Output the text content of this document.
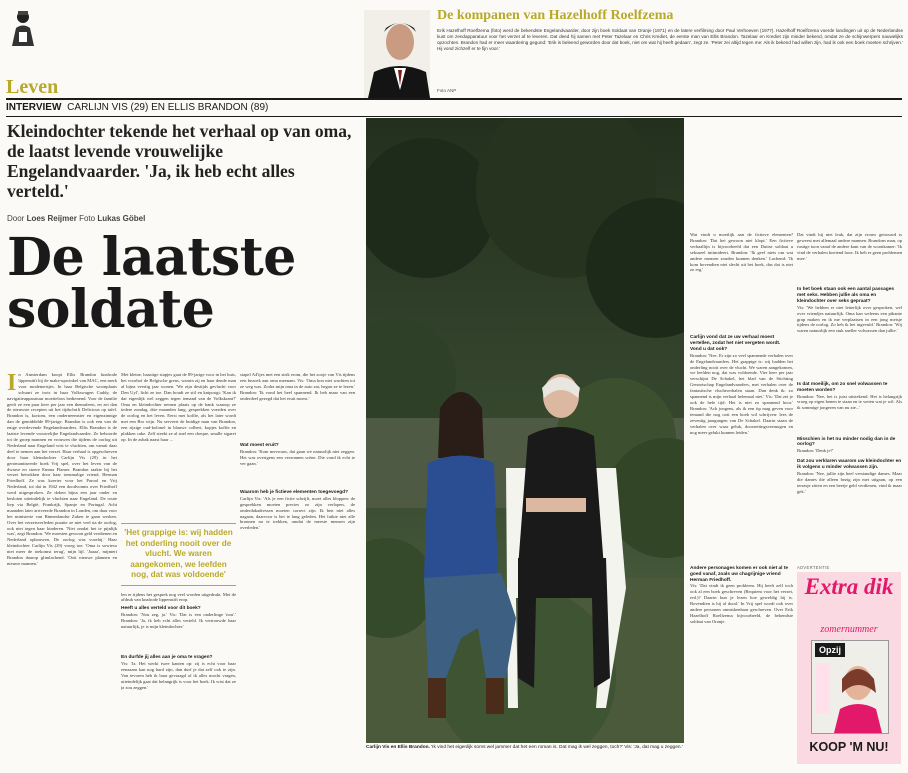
Leven
De kompanen van Hazelhoff Roelfzema
Erik Hazelhoff Roelfzema (foto) werd de bekendste Engelandvaarder, door zijn boek Soldaat van Oranje (1971) en de latere verfilming door Paul Verhoeven (1977). Hazelhoff Roelfzema voerde landingen uit op de Nederlandse kust om zendapparatuur voor het verzet af te leveren. Dat deed hij samen met Peter Tazelaar en Chris Krediet, de eerste man van Ellis Brandon. Tazelaar en Krediet zijn minder bekend, omdat ze de schijnwerpers nauwelijks opzochten. Brandon had er meer waardering gegund: 'Erik is beleend geworden door dat boek, niet om wat hij heeft gedaan', zegt ze. 'Peter zei altijd tegen me: Als ik bekend had willen zijn, had ik ook een boek moeten schrijven.' Hij vond zichzelf er te fijn voor.'
Foto ANP
INTERVIEW CARLIJN VIS (29) EN ELLIS BRANDON (89)
Kleindochter tekende het verhaal op van oma, de laatst levende vrouwelijke Engelandvaarder. 'Ja, ik heb echt alles verteld.'
Door Loes Reijmer Foto Lukas Göbel
De laatste soldate
Carlijn Vis en Ellis Brandon. 'Ik vind het eigenlijk soms wel jammer dat het een roman is. Dat mag ik wel zeggen, toch?' Vis: 'Ja, dat mag u zeggen.'
I n Amsterdam koopt Ellis Brandon knalrode lippenstift bij de make-upwinkel van MAC, een merk voor modemeisjes. In haar Belgische woonplaats schuurt ze trots in haar Volkswagen Caddy, de navigatieapparatuur moeiteloos bedienend. Voor de familie geeft ze een paar keer per jaar een themafeest, en zet dan de nieuwste recepten uit het tijdschrift Delicious op tafel. Brandon is, kortom, een onderneemster en eigenzinnige dan de gemiddelde 89-jarige. Brandon is ook een van de enige overlevende Engelandvaarders. Ellis Brandon is de laatste levende vrouwelijke Engelandvaarder. Ze behoorde tot de groep mannen en vrouwen die tijdens de oorlog uit Nederland naar Engeland wist te vluchten, om vanuit daar deel te nemen aan het verzet. Haar verhaal is opgeschreven door haar kleindochter Carlijn Vis (29) in het geromantiseerde boek Vrij spel, over het leven van de dwarse en stoere Emma Flamer. Brandon raakte bij het verzet betrokken door haar toenmalige vriend, Herman Friedhoff. Ze was koerier voor het Parool en Vrij Nederland, tot dat in 1942 een doodvonnis over Friedhoff werd uitgesproken. Ze doken bijna een jaar onder en besloten uiteindelijk te vluchten naar Engeland. De route liep via België, Frankrijk, Spanje en Portugal. Acht maanden later arriveerde Brandon in Londen, om daar voor het ministerie van Binnenlandse Zaken te gaan werken. Over het verzetsverleden praatte ze niet veel na de oorlog, ook niet tegen haar kinderen. 'Niet omdat het te pijnlijk was', zegt Brandon. 'We moesten gewoon geld verdienen en Nederland opbouwen. De oorlog was voorbij.' Haar kleindochter Carlijn Vis (29) vroeg toe: 'Oma is sowieso niet meer de toekomst terug', mijn lijf. 'Jaaaa', mijmert Brandon daarop glimlachend. 'Ooit nieuwe plannen en nieuwe mannen.'
Met kleine, haastige stapjes gaat de 89-jarige voor in het huis, het voorhof de Belgische grens, waarin zij en haar dende man al bijna veertig jaar wonen. 'We zijn destijds gevlucht voor Den Uyl', licht ze toe. Dan houdt ze stil en knipoogt: 'Kan ik dat eigenlijk wel zeggen tegen iemand van de Volkskrant?' Oma en kleindochter nemen plaats op de bank waarop ze iedere zondag, drie maanden lang, gesprekken voerden over de oorlog en het leven. Eerst met koffie, als het later wordt met een Bro wijn. Nu serveert de buidige man van Brandon, een rijzige oud-kolonel in blauwe colbert, kopjes koffie en plakken cake. Zelf steekt ze al snel een cheque, smalle sigaret op. In de asbak naast haar ...
'Het grappige is: wij hadden het onderling nooit over de vlucht. We waren aangekomen, we leefden nog, dat was voldoende'
len er tijdens het gesprek nog veel worden uitgedrukt. Met de afdruk van knalrode lippenstift erop.
Heeft u alles verteld voor dit boek?
Brandon: 'Nou zeg, ja.' Vis: 'Dat is een onderlinge 'nou'.' Brandon: 'Ja, ik heb echt alles verteld. Ik vertrouwde haar natuurlijk, je is mijn kleindochter.'
En durfde jij alles aan je oma te vragen?
Vis: 'Ja. Het werkt twee kanten op: zij is echt voor haar eenzaam kan nog hard zijn, dan durf je dat zelf ook te zijn. Van tevoren heb ik haar gevraagd of ik alles mocht vragen, uiteindelijk gaat dat belangrijk is voor het boek. Ik wist dat ze ja zou zeggen.'
stapel A4'tjes met een strik erom, die het zooje van Vis tijdens een bezoek aan oma meenam. Vis: 'Oma kon niet wachten tot ze weg was. Zodra mijn oma in de auto zat, begon ze te lezen.' Brandon: 'Ik vond het heel spannend. Ik heb maar van een onderdeel gezegd dat het eruit moest.'
Wat moest eruit?
Brandon: 'Kom mevrouw, dat gaan we natuurlijk niet zeggen. Het was overigens een verzonnen scène. Die vond ik echt te ver gaan.'
Waarom heb je fictieve elementen toegevoegd?
Carlijn Vis: 'Als je een fictie schrijft, moet alles kloppen: de gesprekken moeten precies zo zijn verlopen, de onderdakadressen moeten correct zijn. Ik ben niet alles nagaan, daarvoor is het te lang geleden. Het luikte niet alle bronnen na te trekken, omdat de meeste mensen zijn overleden.'
Wat vindt u moeilijk aan de fictieve elementen? Brandon: 'Dat het gewoon niet klopt.' Een fictieve verhaallijn is bijvoorbeeld dat een Duitse soldaat u seksueel intimideert. Brandon: 'Ik geef niets om wat andere mensen zouden kunnen denken.' Lachend: 'Ik kom bovendien niet slecht uit het boek, dus dat is niet zo erg.'
Carlijn vond dat ze uw verhaal moest vertellen, zodat het niet vergeten wordt. Vond u dat ook?
Brandon: 'Nee. Er zijn zo veel spannende verhalen over de Engelandvaarders. Het grappige is: wij hadden het onderling nooit over de vlucht. We waren aangekomen, we leefden nog, dat was voldoende. Vier keer per jaar verschijnt De Schakel, het blad van de Stichting Genootschap Engelandvaarders, met verhalen over de fantastische vluchtverhalen staan. Dan denk ik: zo spannend is mijn verhaal helemaal niet.' Vis: 'Dat zei je ook de hele tijd: Het is niet zo spannend hoor.' Brandon: 'Ach jongens, als ik een tip mag geven voor iemand die nog ooit een boek wil schrijven: lees de zeventig jaargangen van De Schakel. Daarin staan de verhalen over waar geluk, doorzettingsvermogen en nog meer gelukt kunnen leiden.'
Andere personages komen er ook niet al te goed vanaf, zoals uw chagrijnige vriend Herman Friedhoff.
Vis: 'Dat vindt ik geen probleem. Hij heeft zelf toch ook al een boek geschreven (Requiem voor het verzet, red.)? Daarin kun je lezen hoe geweldig hij is. Bovendien is hij al dood.' In Vrij spel wordt ook over andere personen onmiskenbaar geschreven. Over Erik Hazelhoff Roelfzema bijvoorbeeld, de bekendste soldaat van Oranje.
Dat vindt hij niet leuk, dat zijn vrouw getrouwd is geweest met allemaal andere mannen. Brandons man, op rustige toon vanaf de andere kant van de woonkamer: 'Ik vind de verhalen boeiend hoor. Ik heb er geen problemen mee.'
In het boek staan ook een aantal passages met seks. Hebben jullie als oma en kleindochter over seks gepraat?
Vis: 'We hebben er niet letterlijk over gesproken, wel over vriendjes natuurlijk. Oma kan weleens een pikante grap maken en ik me verplaatsen in een jong meisje tijdens de oorlog. Zo heb ik het ingevuld.' Brandon: 'Wij waren natuurlijk een stuk sneller volwassen dan jullie.'
Is dat moeilijk, om zo snel volwassen te moeten worden?
Brandon: 'Nee, het is juist uitstekend. Het is belangrijk vroeg op eigen benen te staan en te weten wat je wil. Als ik sommige jongeren van nu zie...'
Misschien is het nu minder nodig dan in de oorlog?
Brandon: 'Denk je?'
Dat zou verklaren waarom uw kleindochter en ik volgens u minder volwassen zijn.
Brandon: 'Nee, jullie zijn heel verstandige dames. Maar die dames die alleen bezig zijn met uitgaan, op een terrasje zitten en een beetje geld verdienen, vind ik maar gek.'
ADVERTENTIE
Extra dik
zomernummer
Opzij
KOOP 'M NU!
